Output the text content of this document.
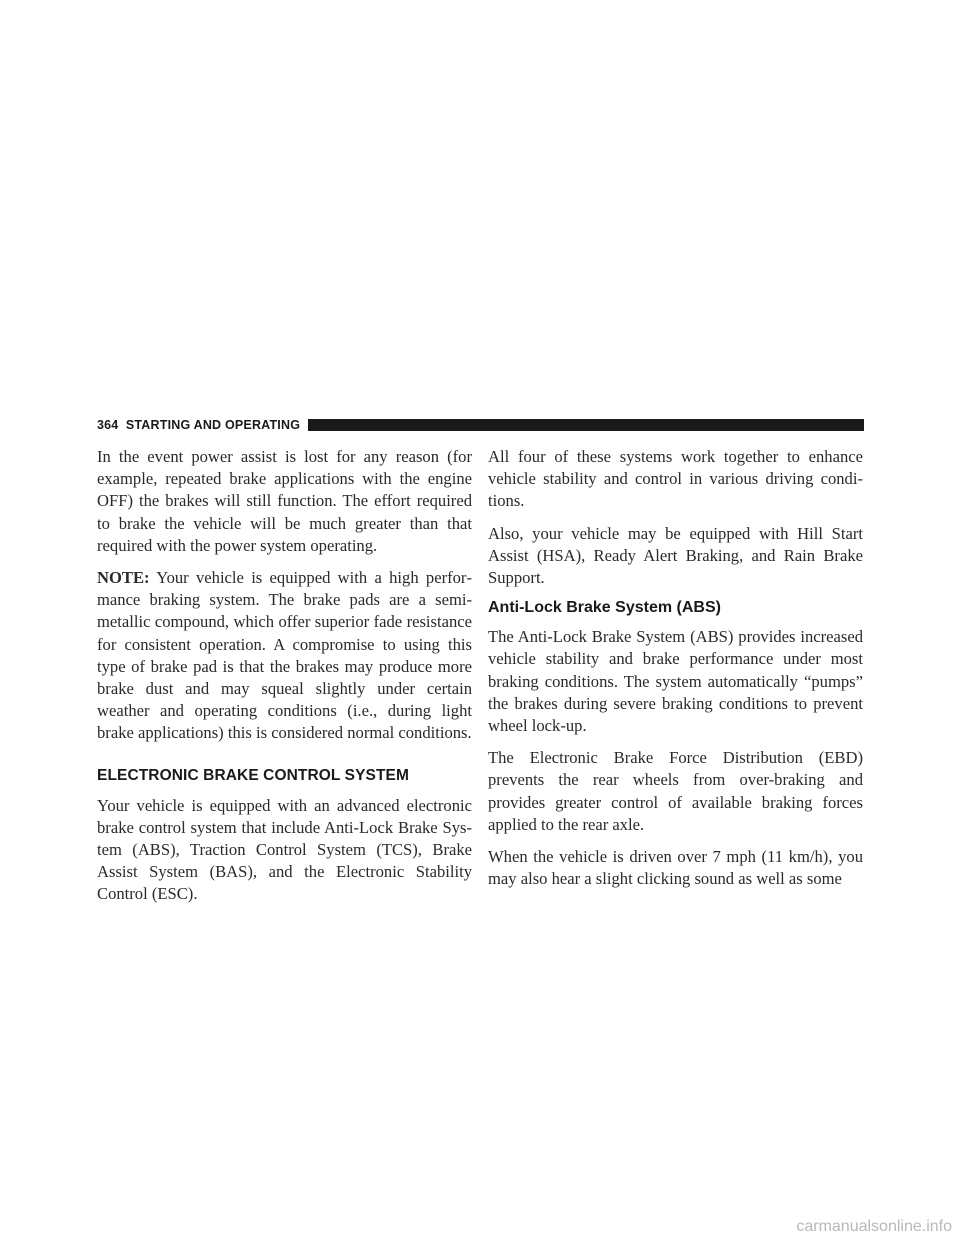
364 STARTING AND OPERATING

In the event power assist is lost for any reason (for example, repeated brake applications with the engine OFF) the brakes will still function. The effort required to brake the vehicle will be much greater than that required with the power system operating.

NOTE: Your vehicle is equipped with a high performance braking system. The brake pads are a semi-metallic compound, which offer superior fade resistance for consistent operation. A compromise to using this type of brake pad is that the brakes may produce more brake dust and may squeal slightly under certain weather and operating conditions (i.e., during light brake applications) this is considered normal conditions.

ELECTRONIC BRAKE CONTROL SYSTEM

Your vehicle is equipped with an advanced electronic brake control system that include Anti-Lock Brake System (ABS), Traction Control System (TCS), Brake Assist System (BAS), and the Electronic Stability Control (ESC).

All four of these systems work together to enhance vehicle stability and control in various driving conditions.

Also, your vehicle may be equipped with Hill Start Assist (HSA), Ready Alert Braking, and Rain Brake Support.

Anti-Lock Brake System (ABS)

The Anti-Lock Brake System (ABS) provides increased vehicle stability and brake performance under most braking conditions. The system automatically “pumps” the brakes during severe braking conditions to prevent wheel lock-up.

The Electronic Brake Force Distribution (EBD) prevents the rear wheels from over-braking and provides greater control of available braking forces applied to the rear axle.

When the vehicle is driven over 7 mph (11 km/h), you may also hear a slight clicking sound as well as some

carmanualsonline.info
